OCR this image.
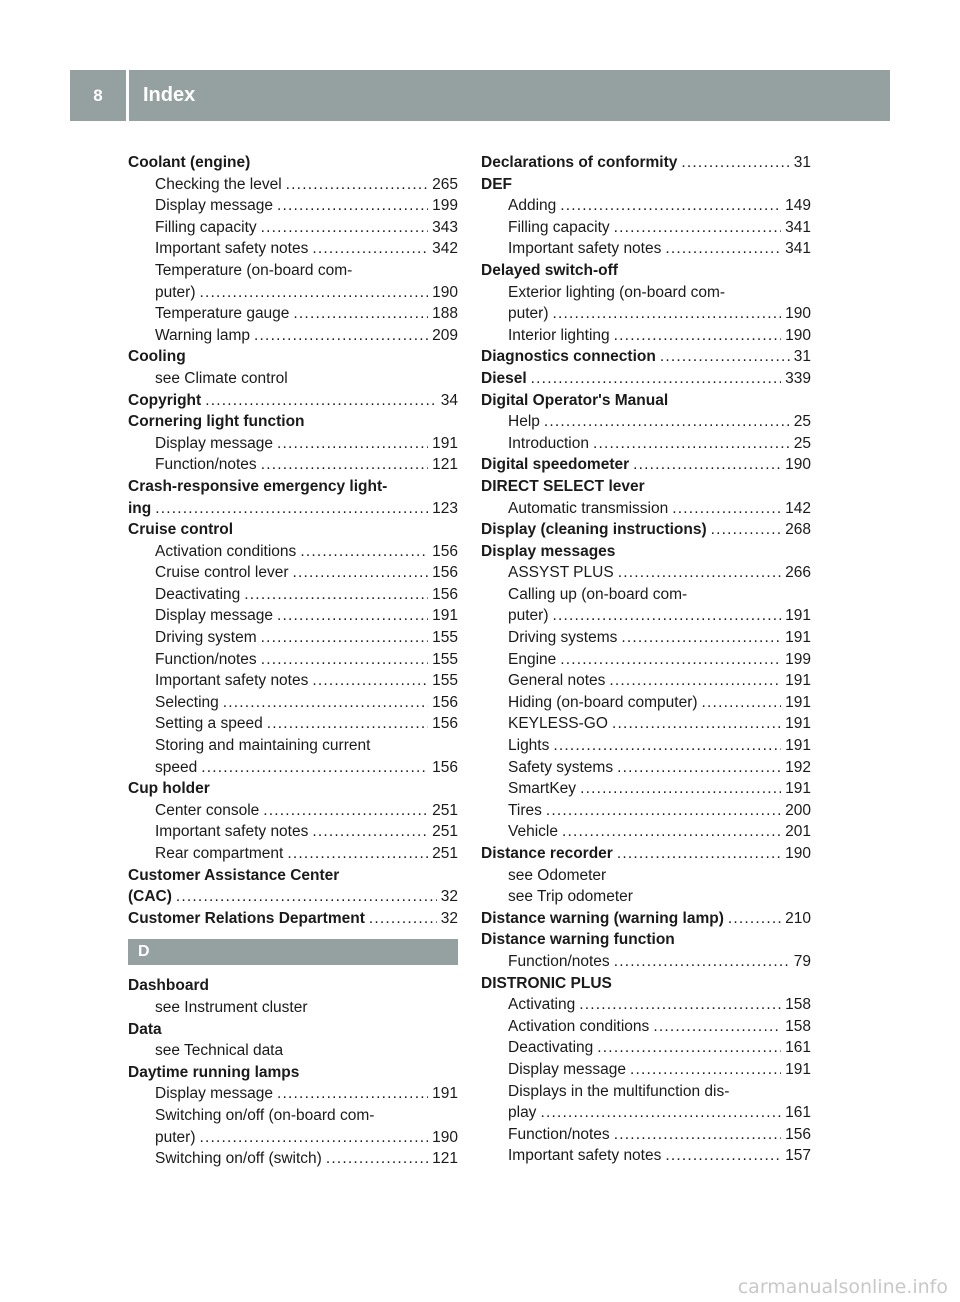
8	Index
Coolant (engine)
Checking the level .....	265
Display message .....	199
Filling capacity .....	343
Important safety notes .....	342
Temperature (on-board com-
puter) .....	190
Temperature gauge .....	188
Warning lamp .....	209
Cooling
see Climate control
Copyright .....	34
Cornering light function
Display message .....	191
Function/notes .....	121
Crash-responsive emergency light-
ing .....	123
Cruise control
Activation conditions .....	156
Cruise control lever .....	156
Deactivating .....	156
Display message .....	191
Driving system .....	155
Function/notes .....	155
Important safety notes .....	155
Selecting .....	156
Setting a speed .....	156
Storing and maintaining current
speed .....	156
Cup holder
Center console .....	251
Important safety notes .....	251
Rear compartment .....	251
Customer Assistance Center
(CAC) .....	32
Customer Relations Department .....	32
D
Dashboard
see Instrument cluster
Data
see Technical data
Daytime running lamps
Display message .....	191
Switching on/off (on-board com-
puter) .....	190
Switching on/off (switch) .....	121
Declarations of conformity .....	31
DEF
Adding .....	149
Filling capacity .....	341
Important safety notes .....	341
Delayed switch-off
Exterior lighting (on-board com-
puter) .....	190
Interior lighting .....	190
Diagnostics connection .....	31
Diesel .....	339
Digital Operator's Manual
Help .....	25
Introduction .....	25
Digital speedometer .....	190
DIRECT SELECT lever
Automatic transmission .....	142
Display (cleaning instructions) .....	268
Display messages
ASSYST PLUS .....	266
Calling up (on-board com-
puter) .....	191
Driving systems .....	191
Engine .....	199
General notes .....	191
Hiding (on-board computer) .....	191
KEYLESS-GO .....	191
Lights .....	191
Safety systems .....	192
SmartKey .....	191
Tires .....	200
Vehicle .....	201
Distance recorder .....	190
see Odometer
see Trip odometer
Distance warning (warning lamp) .....	210
Distance warning function
Function/notes .....	79
DISTRONIC PLUS
Activating .....	158
Activation conditions .....	158
Deactivating .....	161
Display message .....	191
Displays in the multifunction dis-
play .....	161
Function/notes .....	156
Important safety notes .....	157
carmanualsonline.info
